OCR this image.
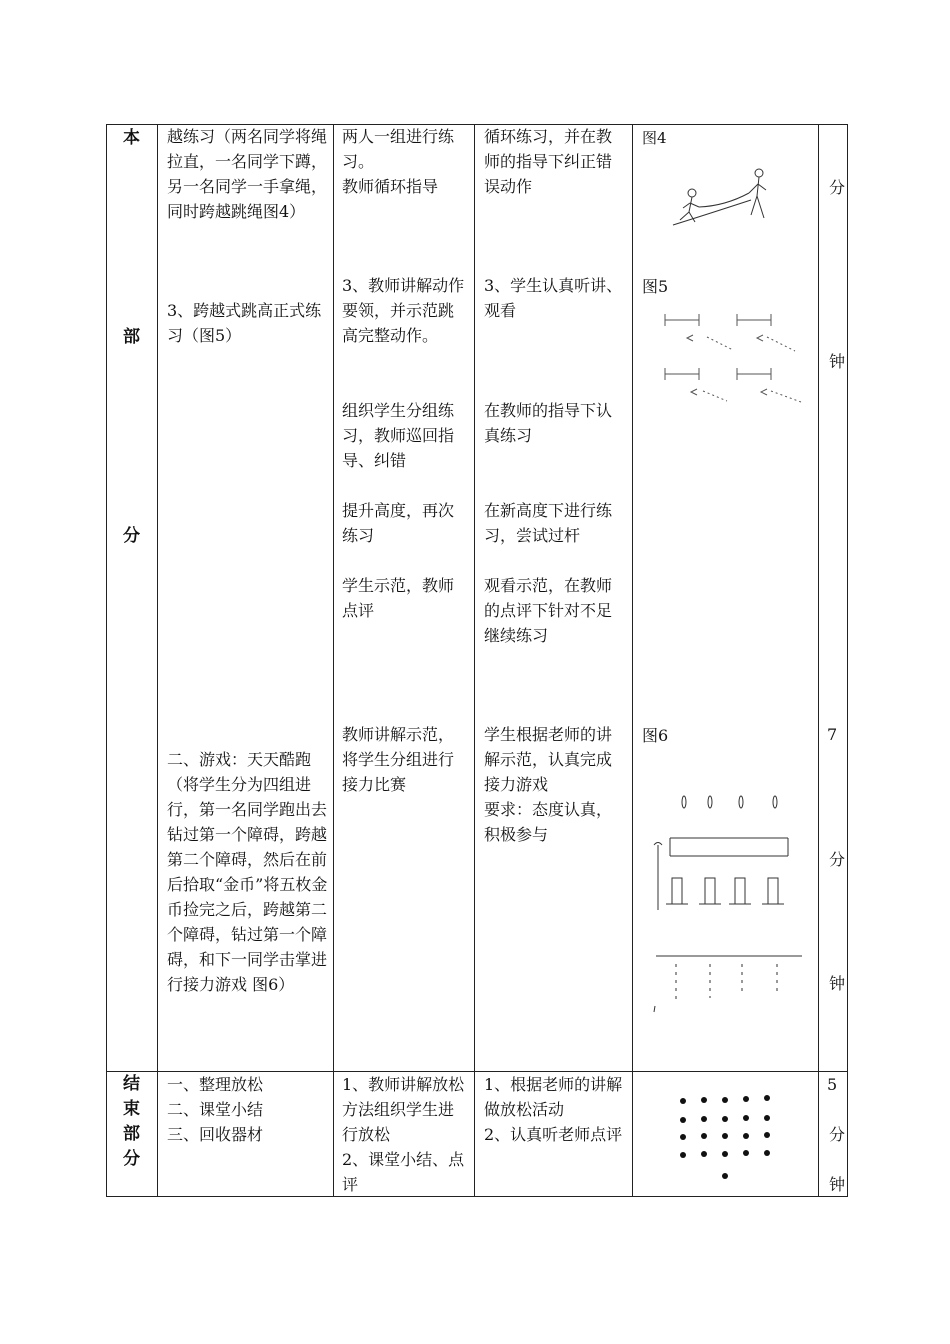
本
部
分
结
束
部
分
越练习（两名同学将绳拉直，一名同学下蹲，另一名同学一手拿绳，同时跨越跳绳图4）
3、跨越式跳高正式练习（图5）
二、游戏：天天酷跑（将学生分为四组进行，第一名同学跑出去钻过第一个障碍，跨越第二个障碍，然后在前后拾取“金币”将五枚金币捡完之后，跨越第二个障碍，钻过第一个障碍，和下一同学击掌进行接力游戏 图6）
一、整理放松
二、课堂小结
三、回收器材
两人一组进行练习。
教师循环指导
3、教师讲解动作要领，并示范跳高完整动作。
组织学生分组练习，教师巡回指导、纠错
提升高度，再次练习
学生示范，教师点评
教师讲解示范，将学生分组进行接力比赛
1、教师讲解放松方法组织学生进行放松
2、课堂小结、点评
循环练习，并在教师的指导下纠正错误动作
3、学生认真听讲、观看
在教师的指导下认真练习
在新高度下进行练习，尝试过杆
观看示范，在教师的点评下针对不足继续练习
学生根据老师的讲解示范，认真完成接力游戏
要求：态度认真，积极参与
1、根据老师的讲解做放松活动
2、认真听老师点评
图4
图5
图6
分
钟
7
分
钟
5
分
钟
